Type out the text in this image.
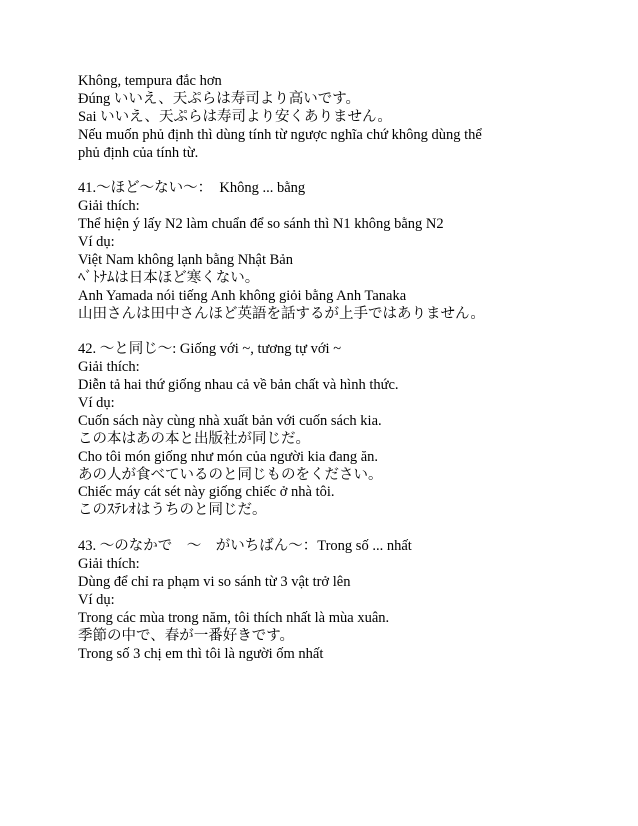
Không, tempura đắc hơn
Đúng いいえ、天ぷらは寿司より高いです。
Sai いいえ、天ぷらは寿司より安くありません。
Nếu muốn phủ định thì dùng tính từ ngược nghĩa chứ không dùng thể
phủ định của tính từ.
41.～ほど～ない～：　Không ... bằng
Giải thích:
Thể hiện ý lấy N2 làm chuẩn để so sánh thì N1 không bằng N2
Ví dụ:
Việt Nam không lạnh bằng Nhật Bản
ﾍﾞﾄﾅﾑは日本ほど寒くない。
Anh Yamada nói tiếng Anh không giỏi bằng Anh Tanaka
山田さんは田中さんほど英語を話するが上手ではありません。
42. ～と同じ～: Giống với ~, tương tự với ~
Giải thích:
Diễn tả hai thứ giống nhau cả về bản chất và hình thức.
Ví dụ:
Cuốn sách này cùng nhà xuất bản với cuốn sách kia.
この本はあの本と出版社が同じだ。
Cho tôi món giống như món của người kia đang ăn.
あの人が食べているのと同じものをください。
Chiếc máy cát sét này giống chiếc ở nhà tôi.
このｽﾃﾚｵはうちのと同じだ。
43. ～のなかで　～　がいちばん～：Trong số ... nhất
Giải thích:
Dùng để chỉ ra phạm vi so sánh từ 3 vật trở lên
Ví dụ:
Trong các mùa trong năm, tôi thích nhất là mùa xuân.
季節の中で、春が一番好きです。
Trong số 3 chị em thì tôi là người ốm nhất
